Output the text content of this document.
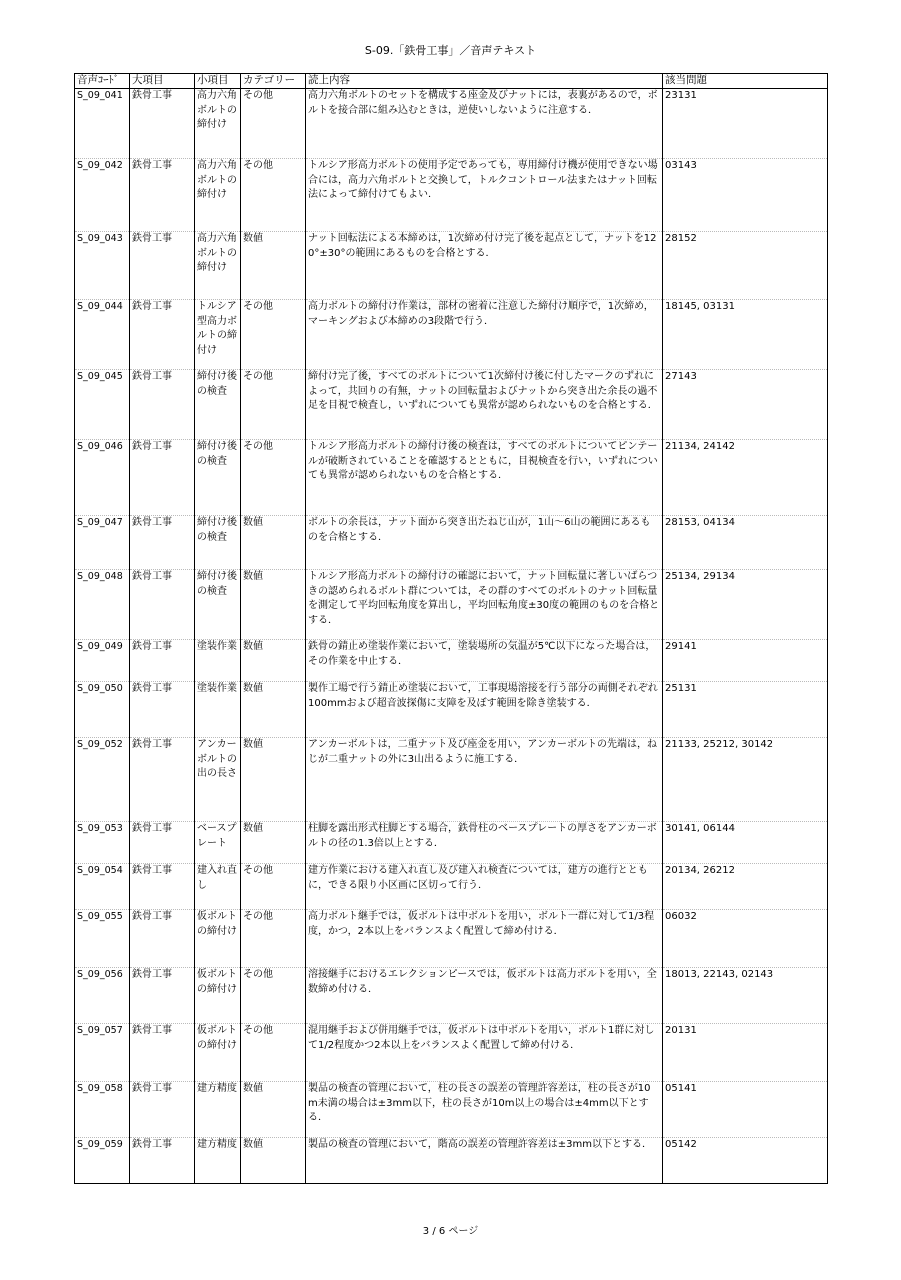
S-09.「鉄骨工事」／音声テキスト
音声ｺｰﾄﾞ	大項目	小項目	カテゴリー	読上内容	該当問題
S_09_041	鉄骨工事	高力六角ボルトの締付け	その他	高力六角ボルトのセットを構成する座金及びナットには，表裏があるので，ボルトを接合部に組み込むときは，逆使いしないように注意する．	23131
S_09_042	鉄骨工事	高力六角ボルトの締付け	その他	トルシア形高力ボルトの使用予定であっても，専用締付け機が使用できない場合には，高力六角ボルトと交換して，トルクコントロール法またはナット回転法によって締付けてもよい．	03143
S_09_043	鉄骨工事	高力六角ボルトの締付け	数値	ナット回転法による本締めは，1次締め付け完了後を起点として，ナットを120°±30°の範囲にあるものを合格とする．	28152
S_09_044	鉄骨工事	トルシア型高力ボルトの締付け	その他	高力ボルトの締付け作業は，部材の密着に注意した締付け順序で，1次締め，マーキングおよび本締めの3段階で行う．	18145, 03131
S_09_045	鉄骨工事	締付け後の検査	その他	締付け完了後，すべてのボルトについて1次締付け後に付したマークのずれによって，共回りの有無，ナットの回転量およびナットから突き出た余長の過不足を目視で検査し，いずれについても異常が認められないものを合格とする．	27143
S_09_046	鉄骨工事	締付け後の検査	その他	トルシア形高力ボルトの締付け後の検査は，すべてのボルトについてピンテールが破断されていることを確認するとともに，目視検査を行い，いずれについても異常が認められないものを合格とする．	21134, 24142
S_09_047	鉄骨工事	締付け後の検査	数値	ボルトの余長は，ナット面から突き出たねじ山が，1山～6山の範囲にあるものを合格とする．	28153, 04134
S_09_048	鉄骨工事	締付け後の検査	数値	トルシア形高力ボルトの締付けの確認において，ナット回転量に著しいばらつきの認められるボルト群については，その群のすべてのボルトのナット回転量を測定して平均回転角度を算出し，平均回転角度±30度の範囲のものを合格とする．	25134, 29134
S_09_049	鉄骨工事	塗装作業	数値	鉄骨の錆止め塗装作業において，塗装場所の気温が5℃以下になった場合は，その作業を中止する．	29141
S_09_050	鉄骨工事	塗装作業	数値	製作工場で行う錆止め塗装において，工事現場溶接を行う部分の両側それぞれ100mmおよび超音波探傷に支障を及ぼす範囲を除き塗装する．	25131
S_09_052	鉄骨工事	アンカーボルトの出の長さ	数値	アンカーボルトは，二重ナット及び座金を用い，アンカーボルトの先端は，ねじが二重ナットの外に3山出るように施工する．	21133, 25212, 30142
S_09_053	鉄骨工事	ベースプレート	数値	柱脚を露出形式柱脚とする場合，鉄骨柱のベースプレートの厚さをアンカーボルトの径の1.3倍以上とする．	30141, 06144
S_09_054	鉄骨工事	建入れ直し	その他	建方作業における建入れ直し及び建入れ検査については，建方の進行とともに，できる限り小区画に区切って行う．	20134, 26212
S_09_055	鉄骨工事	仮ボルトの締付け	その他	高力ボルト継手では，仮ボルトは中ボルトを用い，ボルト一群に対して1/3程度，かつ，2本以上をバランスよく配置して締め付ける．	06032
S_09_056	鉄骨工事	仮ボルトの締付け	その他	溶接継手におけるエレクションピースでは，仮ボルトは高力ボルトを用い，全数締め付ける．	18013, 22143, 02143
S_09_057	鉄骨工事	仮ボルトの締付け	その他	混用継手および併用継手では，仮ボルトは中ボルトを用い，ボルト1群に対して1/2程度かつ2本以上をバランスよく配置して締め付ける．	20131
S_09_058	鉄骨工事	建方精度	数値	製品の検査の管理において，柱の長さの誤差の管理許容差は，柱の長さが10m未満の場合は±3mm以下，柱の長さが10m以上の場合は±4mm以下とする．	05141
S_09_059	鉄骨工事	建方精度	数値	製品の検査の管理において，階高の誤差の管理許容差は±3mm以下とする．	05142
3 / 6 ページ
